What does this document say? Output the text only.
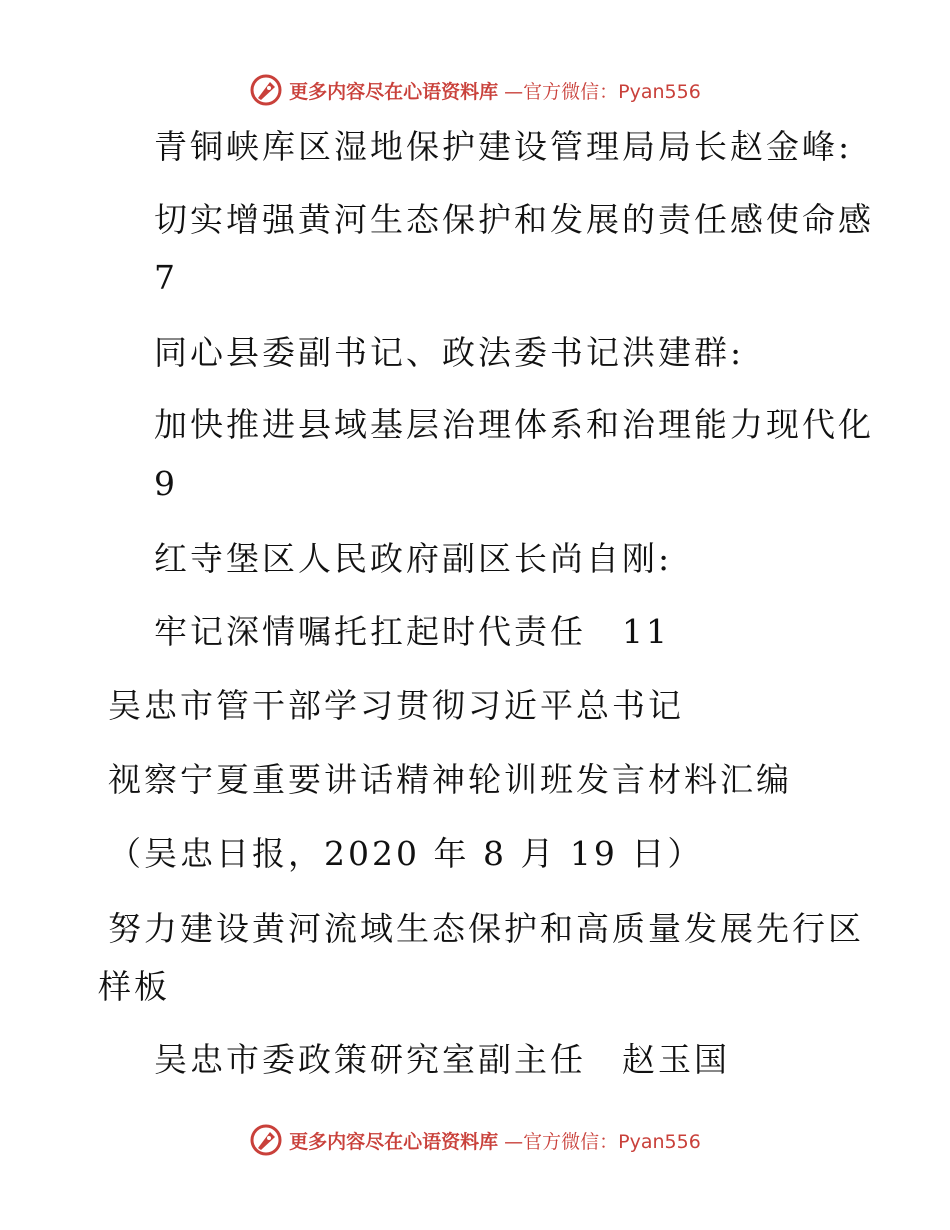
更多内容尽在心语资料库 —官方微信：Pyan556
青铜峡库区湿地保护建设管理局局长赵金峰:
切实增强黄河生态保护和发展的责任感使命感
7
同心县委副书记、政法委书记洪建群:
加快推进县域基层治理体系和治理能力现代化
9
红寺堡区人民政府副区长尚自刚:
牢记深情嘱托扛起时代责任　11
吴忠市管干部学习贯彻习近平总书记
视察宁夏重要讲话精神轮训班发言材料汇编
（吴忠日报，2020 年 8 月 19 日）
努力建设黄河流域生态保护和高质量发展先行区
样板
吴忠市委政策研究室副主任　赵玉国
更多内容尽在心语资料库 —官方微信：Pyan556
